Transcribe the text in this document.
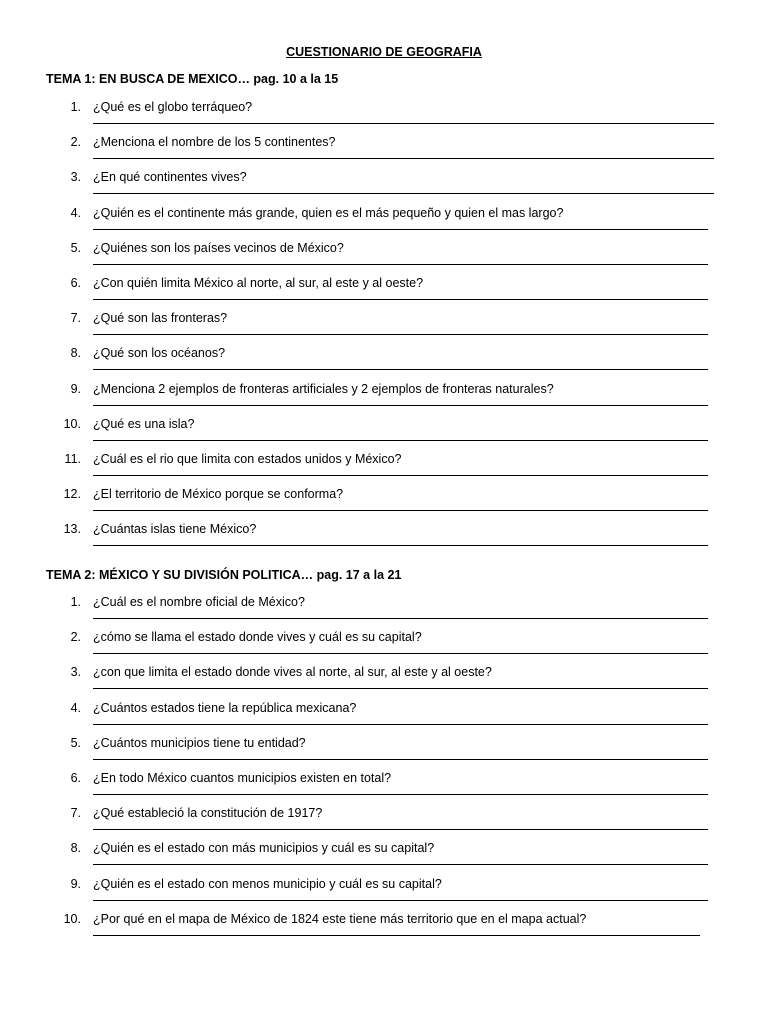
CUESTIONARIO DE GEOGRAFIA
TEMA 1: EN BUSCA DE MEXICO… pag. 10 a la 15
1. ¿Qué es el globo terráqueo?
2. ¿Menciona el nombre de los 5 continentes?
3. ¿En qué continentes vives?
4. ¿Quién es el continente más grande, quien es el más pequeño y quien el mas largo?
5. ¿Quiénes son los países vecinos de México?
6. ¿Con quién limita México al norte, al sur, al este y al oeste?
7. ¿Qué son las fronteras?
8. ¿Qué son los océanos?
9. ¿Menciona 2 ejemplos de fronteras artificiales y 2 ejemplos de fronteras naturales?
10. ¿Qué es una isla?
11. ¿Cuál es el rio que limita con estados unidos y México?
12. ¿El territorio de México porque se conforma?
13. ¿Cuántas islas tiene México?
TEMA 2: MÉXICO Y SU DIVISIÓN POLITICA… pag. 17 a la 21
1. ¿Cuál es el nombre oficial de México?
2. ¿cómo se llama el estado donde vives y cuál es su capital?
3. ¿con que limita el estado donde vives al norte, al sur, al este y al oeste?
4. ¿Cuántos estados tiene la república mexicana?
5. ¿Cuántos municipios tiene tu entidad?
6. ¿En todo México cuantos municipios existen en total?
7. ¿Qué estableció la constitución de 1917?
8. ¿Quién es el estado con más municipios y cuál es su capital?
9. ¿Quién es el estado con menos municipio y cuál es su capital?
10. ¿Por qué en el mapa de México de 1824 este tiene más territorio que en el mapa actual?
